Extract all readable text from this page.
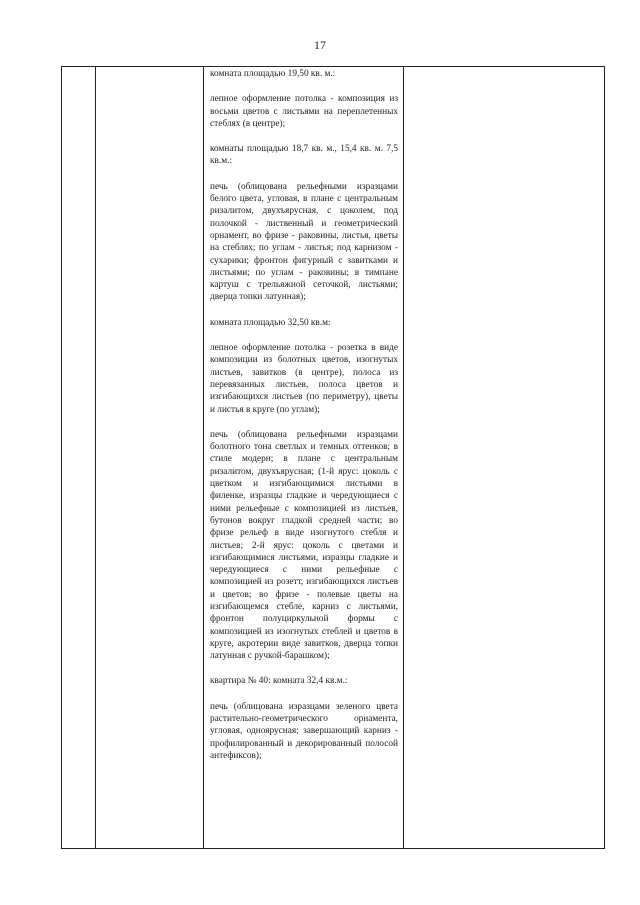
17

комната площадью 19,50 кв. м.:

лепное оформление потолка - композиция из восьми цветов с листьями на переплетенных стеблях (в центре);

комнаты площадью 18,7 кв. м., 15,4 кв. м. 7,5 кв.м.:

печь (облицована рельефными изразцами белого цвета, угловая, в плане с центральным ризалитом, двухъярусная, с цоколем, под полочкой - лиственный и геометрический орнамент, во фризе - раковины, листья, цветы на стеблях; по углам - листья; под карнизом - сухарики; фронтон фигурный с завитками и листьями; по углам - раковины; в тимпане картуш с трельяжной сеточкой, листьями; дверца топки латунная);

комната площадью 32,50 кв.м:

лепное оформление потолка - розетка в виде композиции из болотных цветов, изогнутых листьев, завитков (в центре), полоса из перевязанных листьев, полоса цветов и изгибающихся листьев (по периметру), цветы и листья в круге (по углам);

печь (облицована рельефными изразцами болотного тона светлых и темных оттенков; в стиле модерн; в плане с центральным ризалитом, двухъярусная; (1-й ярус: цоколь с цветком и изгибающимися листьями в филенке, изразцы гладкие и чередующиеся с ними рельефные с композицией из листьев, бутонов вокруг гладкой средней части; во фризе рельеф в виде изогнутого стебля и листьев; 2-й ярус: цоколь с цветами и изгибающимися листьями, изразцы гладкие и чередующиеся с ними рельефные с композицией из розетт, изгибающихся листьев и цветов; во фризе - полевые цветы на изгибающемся стебле, карниз с листьями, фронтон полуциркульной формы с композицией из изогнутых стеблей и цветов в круге, акротерии виде завитков, дверца топки латунная с ручкой-барашком);

квартира № 40: комната 32,4 кв.м.:

печь (облицована изразцами зеленого цвета растительно-геометрического орнамента, угловая, одноярусная; завершающий карниз - профилированный и декорированный полосой антефиксов);
